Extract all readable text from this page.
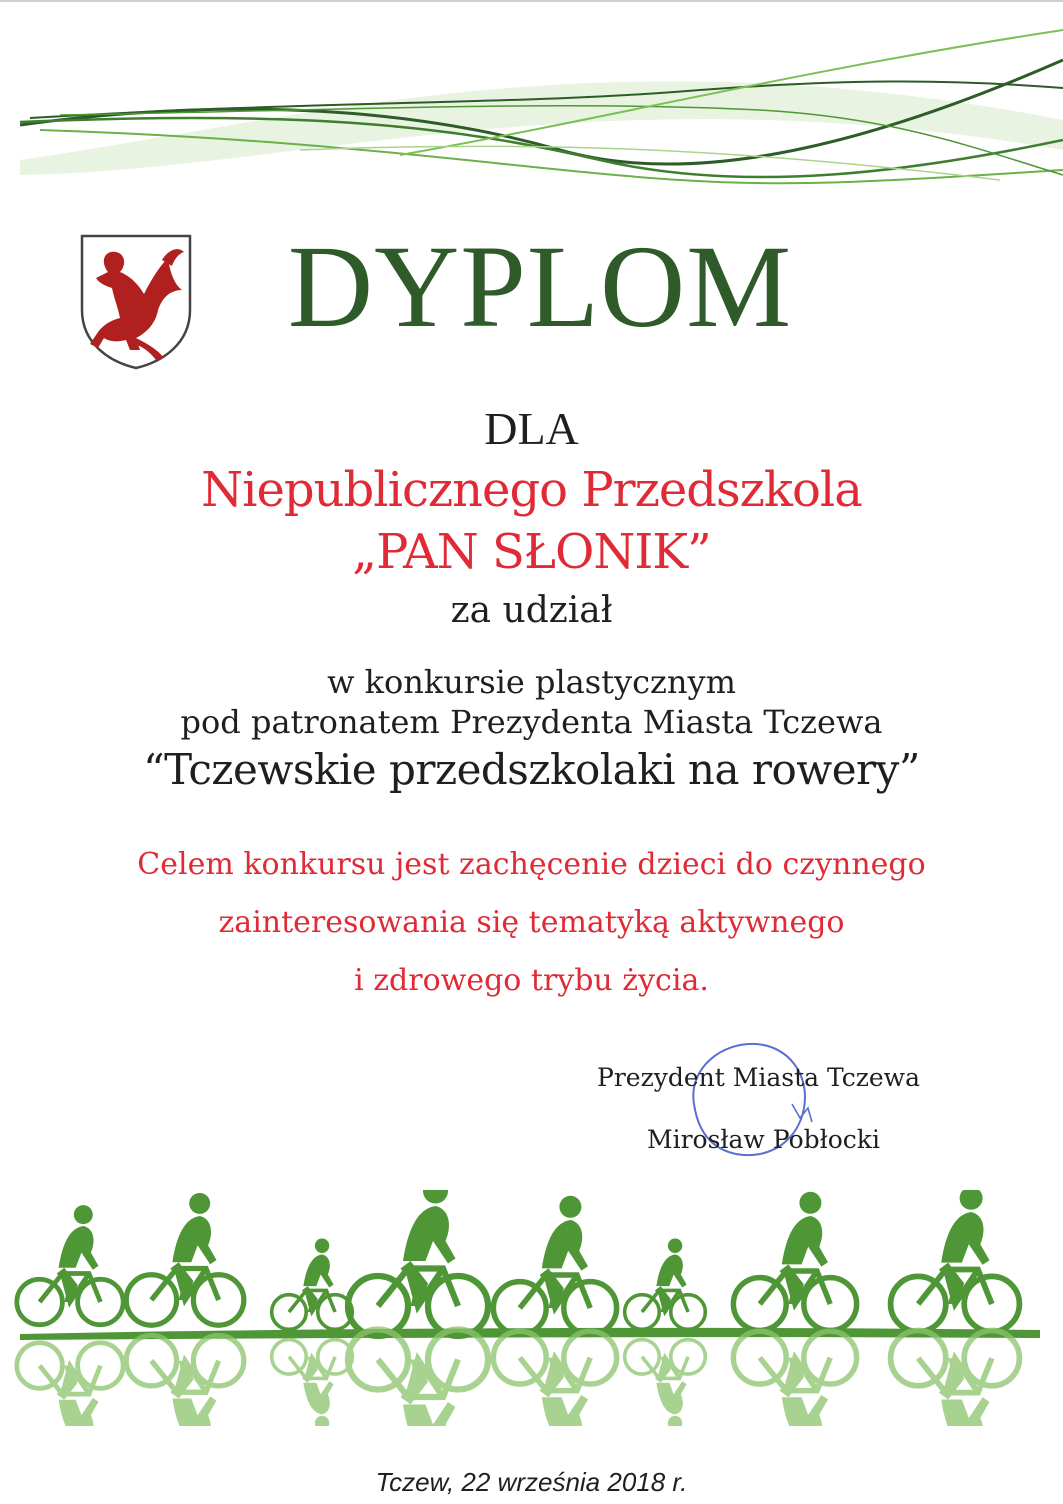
DYPLOM
DLA
Niepublicznego Przedszkola
„PAN SŁONIK”
za udział
w konkursie plastycznym
pod patronatem Prezydenta Miasta Tczewa
“Tczewskie przedszkolaki na rowery”
Celem konkursu jest zachęcenie dzieci do czynnego
zainteresowania się tematyką aktywnego
i zdrowego trybu życia.
Prezydent Miasta Tczewa
Mirosław Pobłocki
Tczew, 22 września 2018 r.
